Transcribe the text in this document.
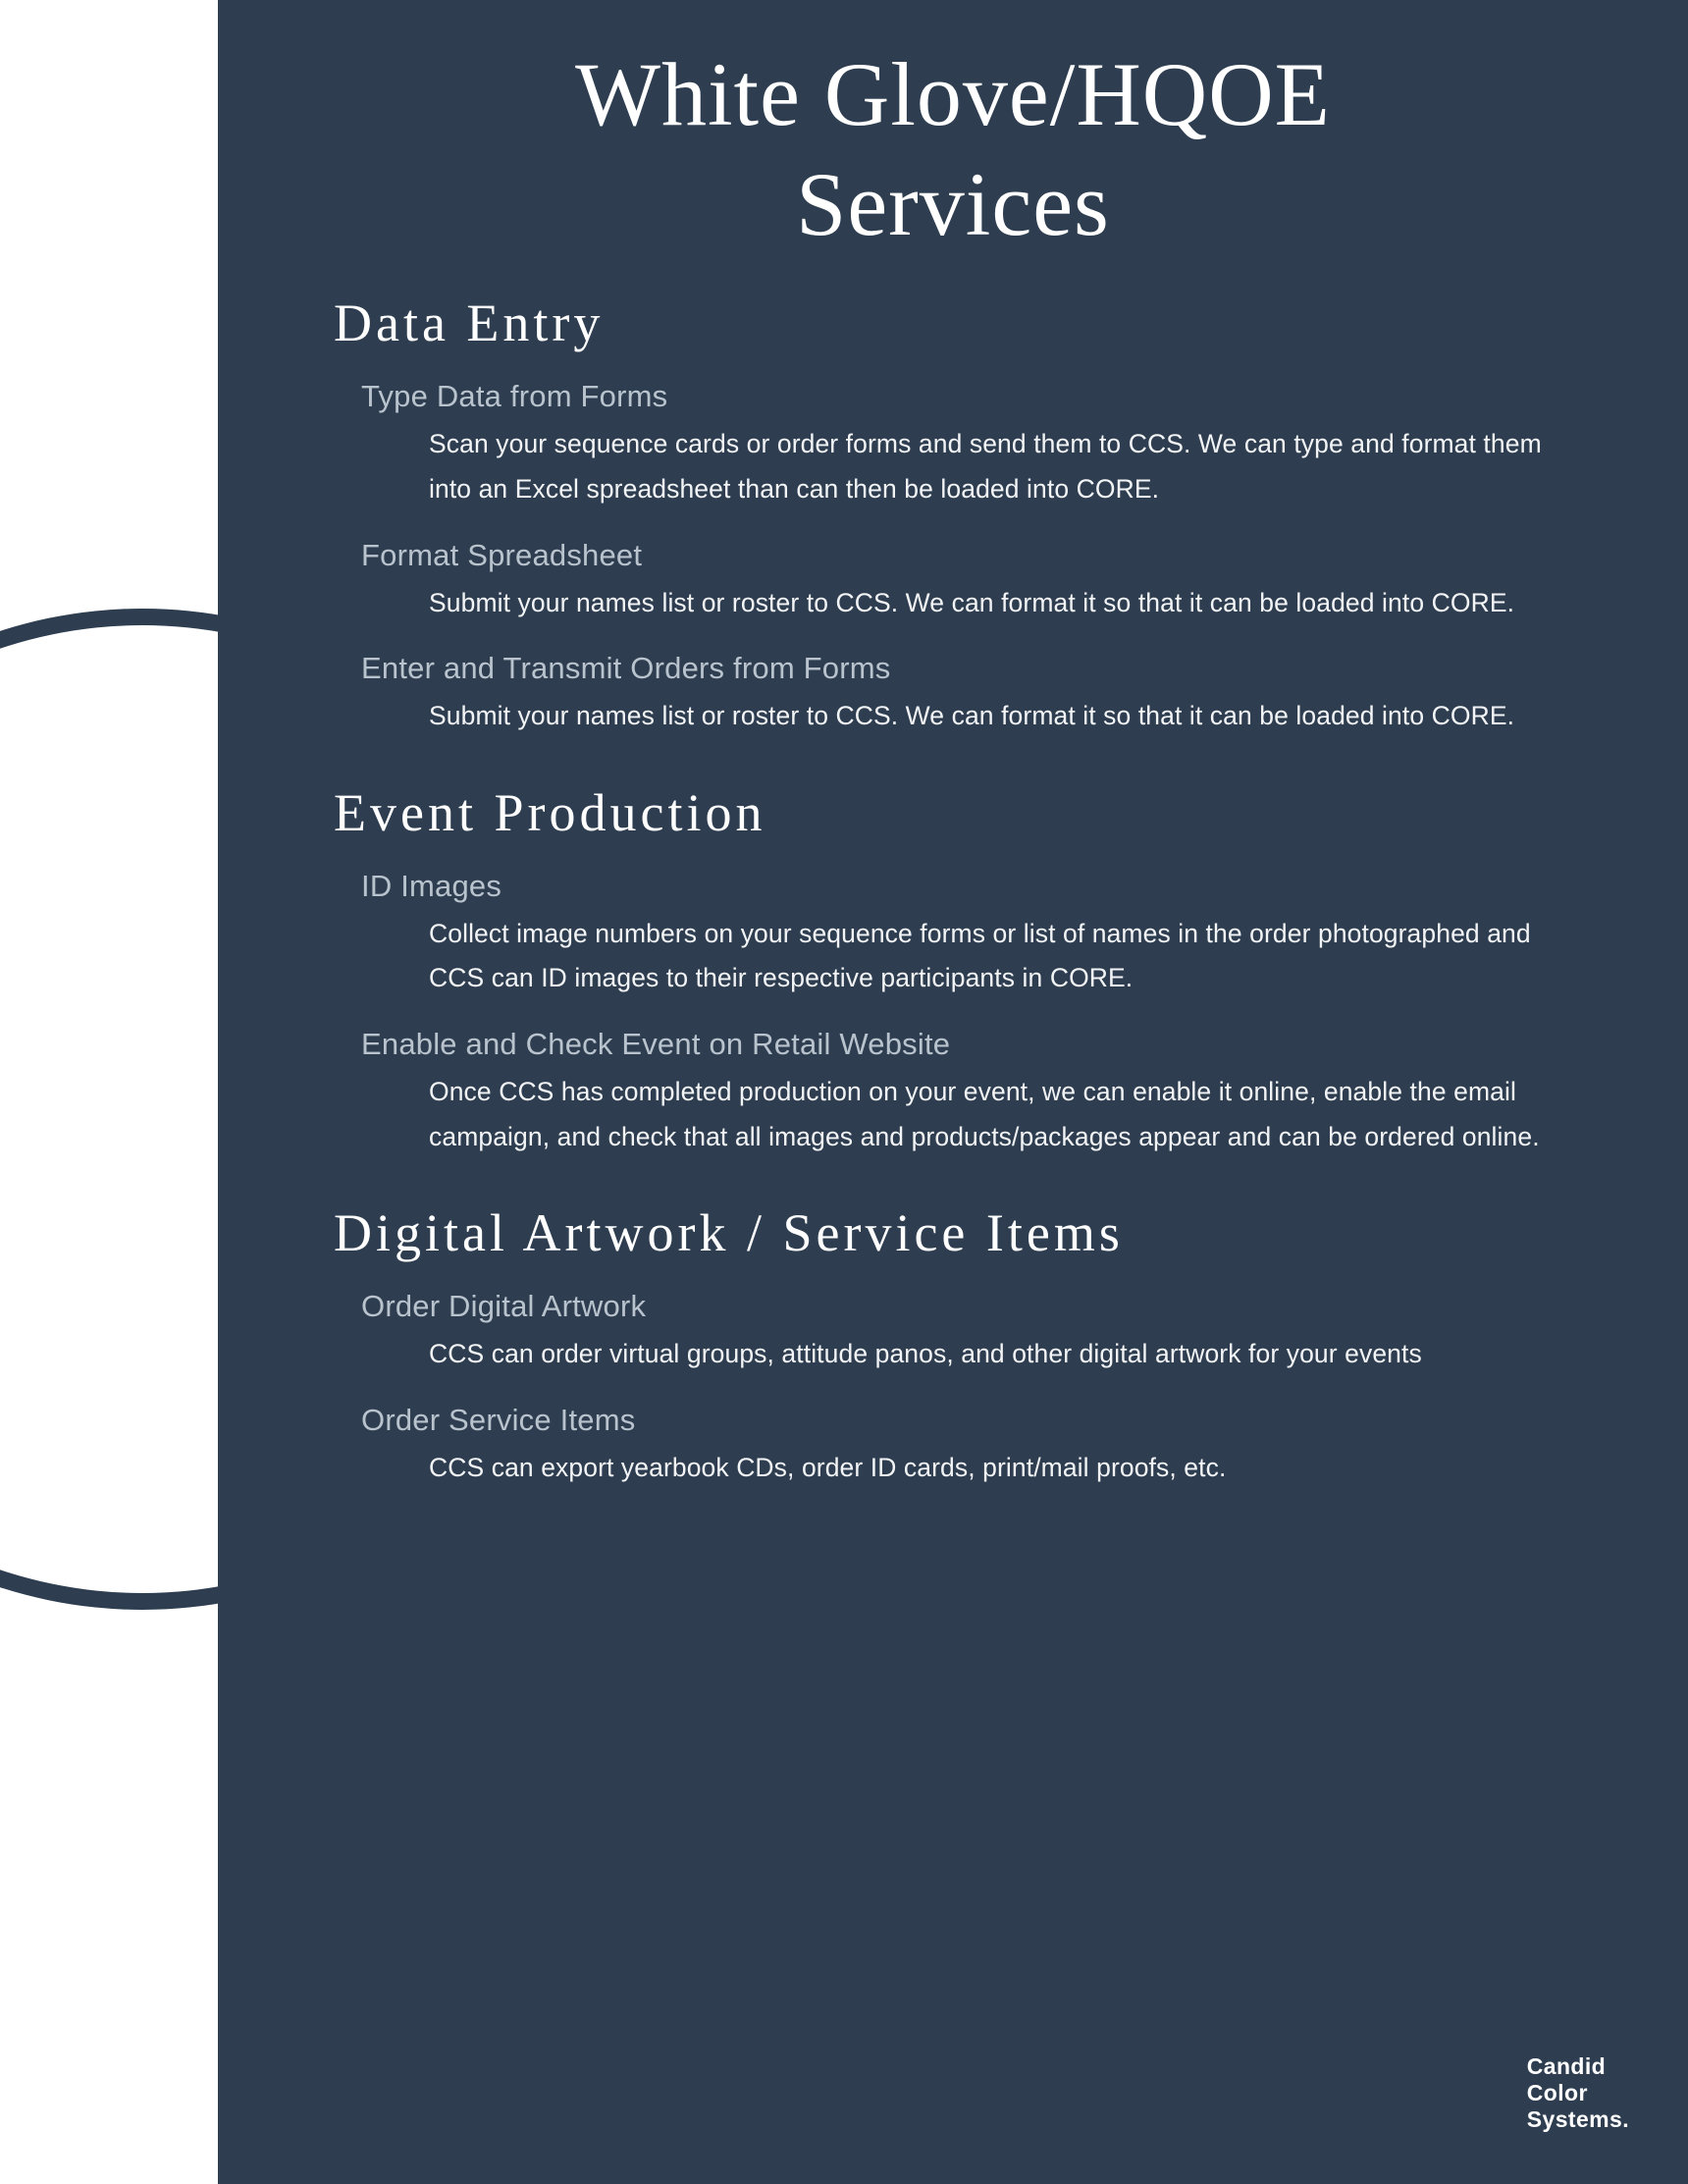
White Glove/HQOE
Services
Data Entry
Type Data from Forms
Scan your sequence cards or order forms and send them to CCS. We can type and format them into an Excel spreadsheet than can then be loaded into CORE.
Format Spreadsheet
Submit your names list or roster to CCS. We can format it so that it can be loaded into CORE.
Enter and Transmit Orders from Forms
Submit your names list or roster to CCS. We can format it so that it can be loaded into CORE.
Event Production
ID Images
Collect image numbers on your sequence forms or list of names in the order photographed and CCS can ID images to their respective participants in CORE.
Enable and Check Event on Retail Website
Once CCS has completed production on your event, we can enable it online, enable the email campaign, and check that all images and products/packages appear and can be ordered online.
Digital Artwork / Service Items
Order Digital Artwork
CCS can order virtual groups, attitude panos, and other digital artwork for your events
Order Service Items
CCS can export yearbook CDs, order ID cards, print/mail proofs, etc.
Candid
Color
Systems.
